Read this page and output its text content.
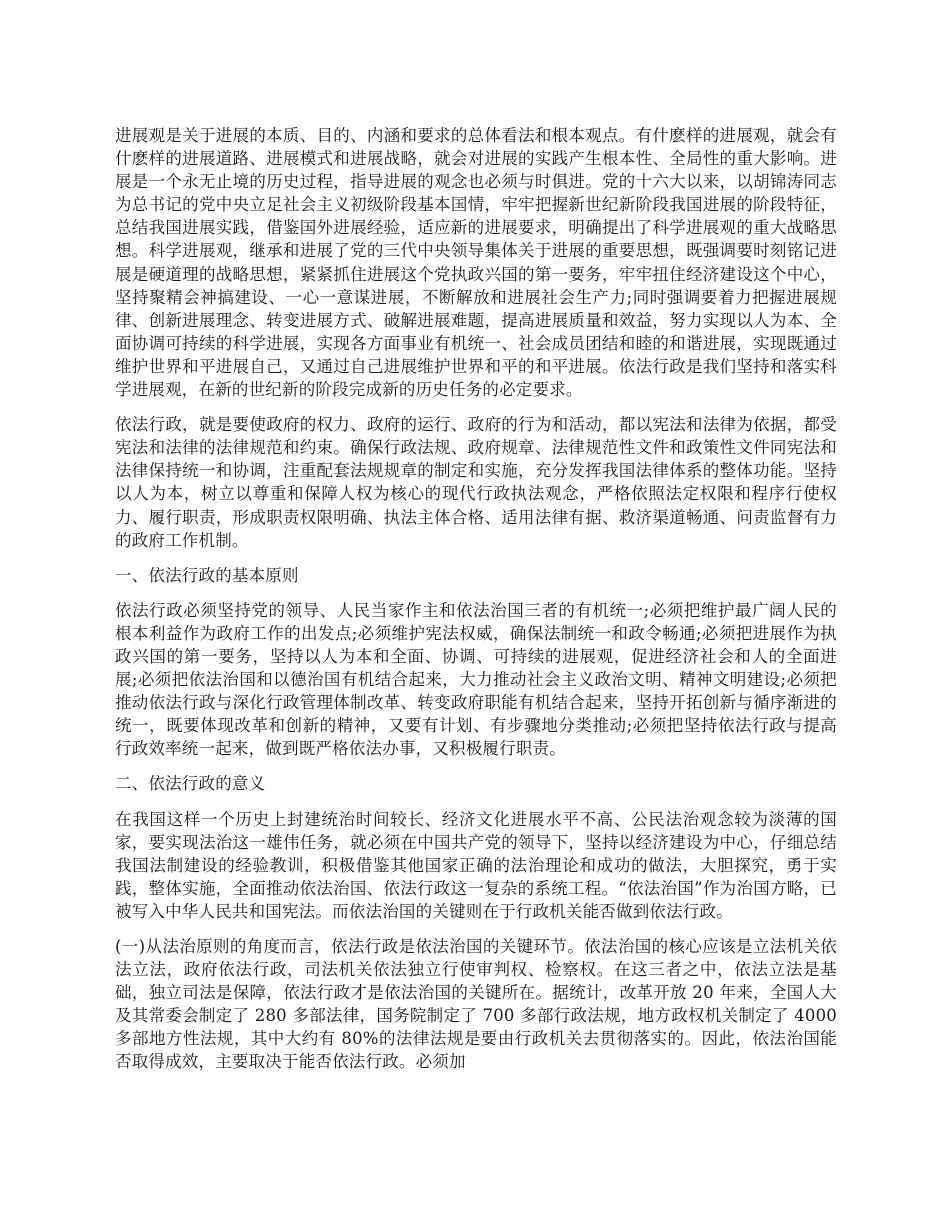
进展观是关于进展的本质、目的、内涵和要求的总体看法和根本观点。有什麽样的进展观，就会有什麽样的进展道路、进展模式和进展战略，就会对进展的实践产生根本性、全局性的重大影响。进展是一个永无止境的历史过程，指导进展的观念也必须与时俱进。党的十六大以来，以胡锦涛同志为总书记的党中央立足社会主义初级阶段基本国情，牢牢把握新世纪新阶段我国进展的阶段特征，总结我国进展实践，借鉴国外进展经验，适应新的进展要求，明确提出了科学进展观的重大战略思想。科学进展观，继承和进展了党的三代中央领导集体关于进展的重要思想，既强调要时刻铭记进展是硬道理的战略思想，紧紧抓住进展这个党执政兴国的第一要务，牢牢扭住经济建设这个中心，坚持聚精会神搞建设、一心一意谋进展，不断解放和进展社会生产力;同时强调要着力把握进展规律、创新进展理念、转变进展方式、破解进展难题，提高进展质量和效益，努力实现以人为本、全面协调可持续的科学进展，实现各方面事业有机统一、社会成员团结和睦的和谐进展，实现既通过维护世界和平进展自己，又通过自己进展维护世界和平的和平进展。依法行政是我们坚持和落实科学进展观，在新的世纪新的阶段完成新的历史任务的必定要求。

依法行政，就是要使政府的权力、政府的运行、政府的行为和活动，都以宪法和法律为依据，都受宪法和法律的法律规范和约束。确保行政法规、政府规章、法律规范性文件和政策性文件同宪法和法律保持统一和协调，注重配套法规规章的制定和实施，充分发挥我国法律体系的整体功能。坚持以人为本，树立以尊重和保障人权为核心的现代行政执法观念，严格依照法定权限和程序行使权力、履行职责，形成职责权限明确、执法主体合格、适用法律有据、救济渠道畅通、问责监督有力的政府工作机制。

一、依法行政的基本原则

依法行政必须坚持党的领导、人民当家作主和依法治国三者的有机统一;必须把维护最广阔人民的根本利益作为政府工作的出发点;必须维护宪法权威，确保法制统一和政令畅通;必须把进展作为执政兴国的第一要务，坚持以人为本和全面、协调、可持续的进展观，促进经济社会和人的全面进展;必须把依法治国和以德治国有机结合起来，大力推动社会主义政治文明、精神文明建设;必须把推动依法行政与深化行政管理体制改革、转变政府职能有机结合起来，坚持开拓创新与循序渐进的统一，既要体现改革和创新的精神，又要有计划、有步骤地分类推动;必须把坚持依法行政与提高行政效率统一起来，做到既严格依法办事，又积极履行职责。

二、依法行政的意义

在我国这样一个历史上封建统治时间较长、经济文化进展水平不高、公民法治观念较为淡薄的国家，要实现法治这一雄伟任务，就必须在中国共产党的领导下，坚持以经济建设为中心，仔细总结我国法制建设的经验教训，积极借鉴其他国家正确的法治理论和成功的做法，大胆探究，勇于实践，整体实施，全面推动依法治国、依法行政这一复杂的系统工程。“依法治国”作为治国方略，已被写入中华人民共和国宪法。而依法治国的关键则在于行政机关能否做到依法行政。

(一)从法治原则的角度而言，依法行政是依法治国的关键环节。依法治国的核心应该是立法机关依法立法，政府依法行政，司法机关依法独立行使审判权、检察权。在这三者之中，依法立法是基础，独立司法是保障，依法行政才是依法治国的关键所在。据统计，改革开放 20 年来，全国人大及其常委会制定了 280 多部法律，国务院制定了 700 多部行政法规，地方政权机关制定了 4000 多部地方性法规，其中大约有 80%的法律法规是要由行政机关去贯彻落实的。因此，依法治国能否取得成效，主要取决于能否依法行政。必须加
